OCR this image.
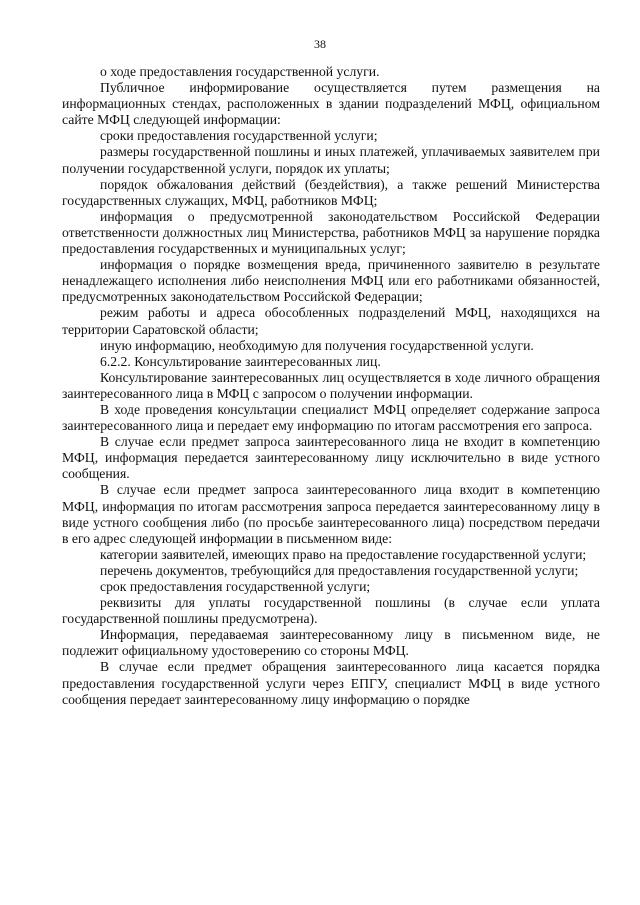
38

о ходе предоставления государственной услуги.

Публичное информирование осуществляется путем размещения на информационных стендах, расположенных в здании подразделений МФЦ, официальном сайте МФЦ следующей информации:

сроки предоставления государственной услуги;

размеры государственной пошлины и иных платежей, уплачиваемых заявителем при получении государственной услуги, порядок их уплаты;

порядок обжалования действий (бездействия), а также решений Министерства государственных служащих, МФЦ, работников МФЦ;

информация о предусмотренной законодательством Российской Федерации ответственности должностных лиц Министерства, работников МФЦ за нарушение порядка предоставления государственных и муниципальных услуг;

информация о порядке возмещения вреда, причиненного заявителю в результате ненадлежащего исполнения либо неисполнения МФЦ или его работниками обязанностей, предусмотренных законодательством Российской Федерации;

режим работы и адреса обособленных подразделений МФЦ, находящихся на территории Саратовской области;

иную информацию, необходимую для получения государственной услуги.

6.2.2. Консультирование заинтересованных лиц.

Консультирование заинтересованных лиц осуществляется в ходе личного обращения заинтересованного лица в МФЦ с запросом о получении информации.

В ходе проведения консультации специалист МФЦ определяет содержание запроса заинтересованного лица и передает ему информацию по итогам рассмотрения его запроса.

В случае если предмет запроса заинтересованного лица не входит в компетенцию МФЦ, информация передается заинтересованному лицу исключительно в виде устного сообщения.

В случае если предмет запроса заинтересованного лица входит в компетенцию МФЦ, информация по итогам рассмотрения запроса передается заинтересованному лицу в виде устного сообщения либо (по просьбе заинтересованного лица) посредством передачи в его адрес следующей информации в письменном виде:

категории заявителей, имеющих право на предоставление государственной услуги;

перечень документов, требующийся для предоставления государственной услуги;

срок предоставления государственной услуги;

реквизиты для уплаты государственной пошлины (в случае если уплата государственной пошлины предусмотрена).

Информация, передаваемая заинтересованному лицу в письменном виде, не подлежит официальному удостоверению со стороны МФЦ.

В случае если предмет обращения заинтересованного лица касается порядка предоставления государственной услуги через ЕПГУ, специалист МФЦ в виде устного сообщения передает заинтересованному лицу информацию о порядке
